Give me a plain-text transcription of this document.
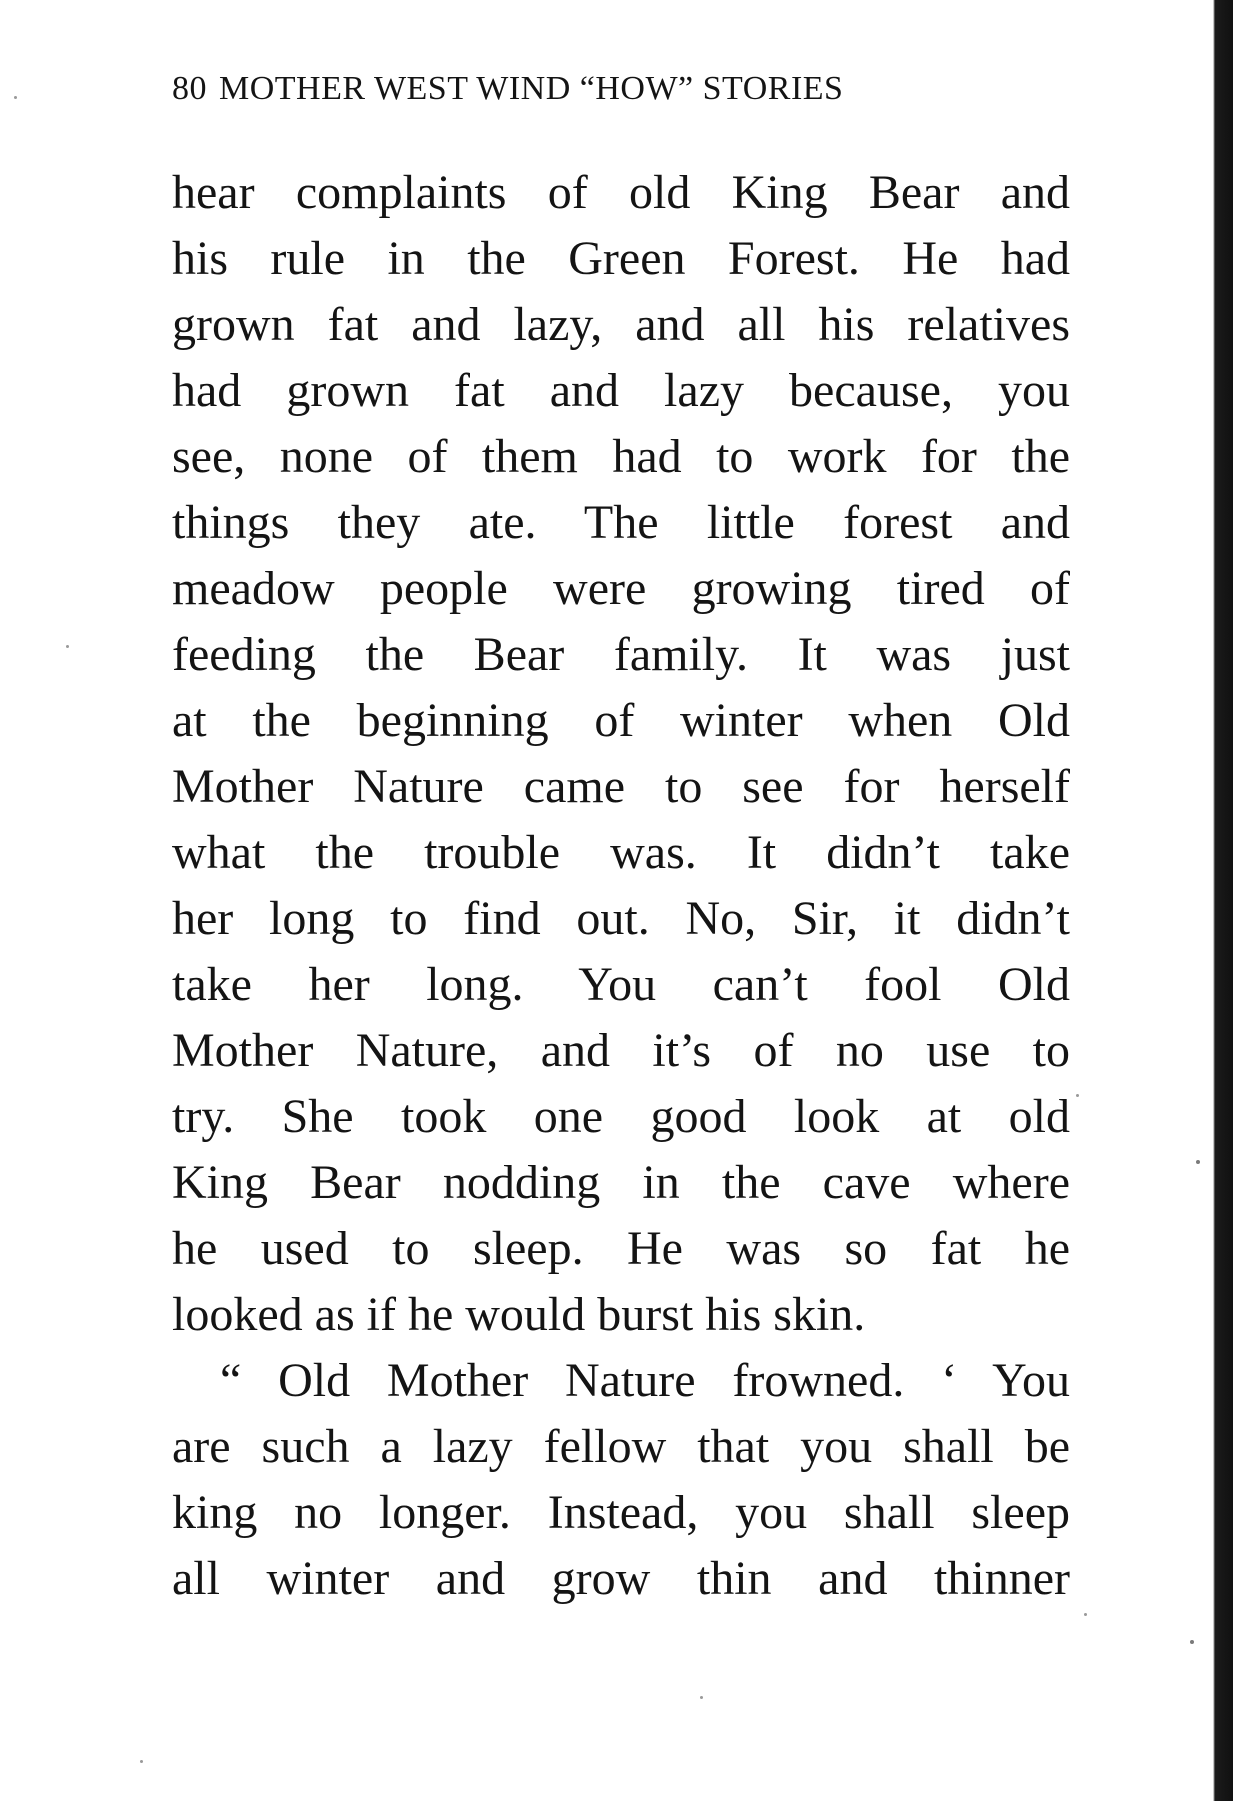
80 MOTHER WEST WIND “HOW” STORIES
hear complaints of old King Bear and
his rule in the Green Forest. He had
grown fat and lazy, and all his relatives
had grown fat and lazy because, you
see, none of them had to work for the
things they ate. The little forest and
meadow people were growing tired of
feeding the Bear family. It was just
at the beginning of winter when Old
Mother Nature came to see for herself
what the trouble was. It didn’t take
her long to find out. No, Sir, it didn’t
take her long. You can’t fool Old
Mother Nature, and it’s of no use to
try. She took one good look at old
King Bear nodding in the cave where
he used to sleep. He was so fat he
looked as if he would burst his skin.
“ Old Mother Nature frowned. ‘ You
are such a lazy fellow that you shall be
king no longer. Instead, you shall sleep
all winter and grow thin and thinner
